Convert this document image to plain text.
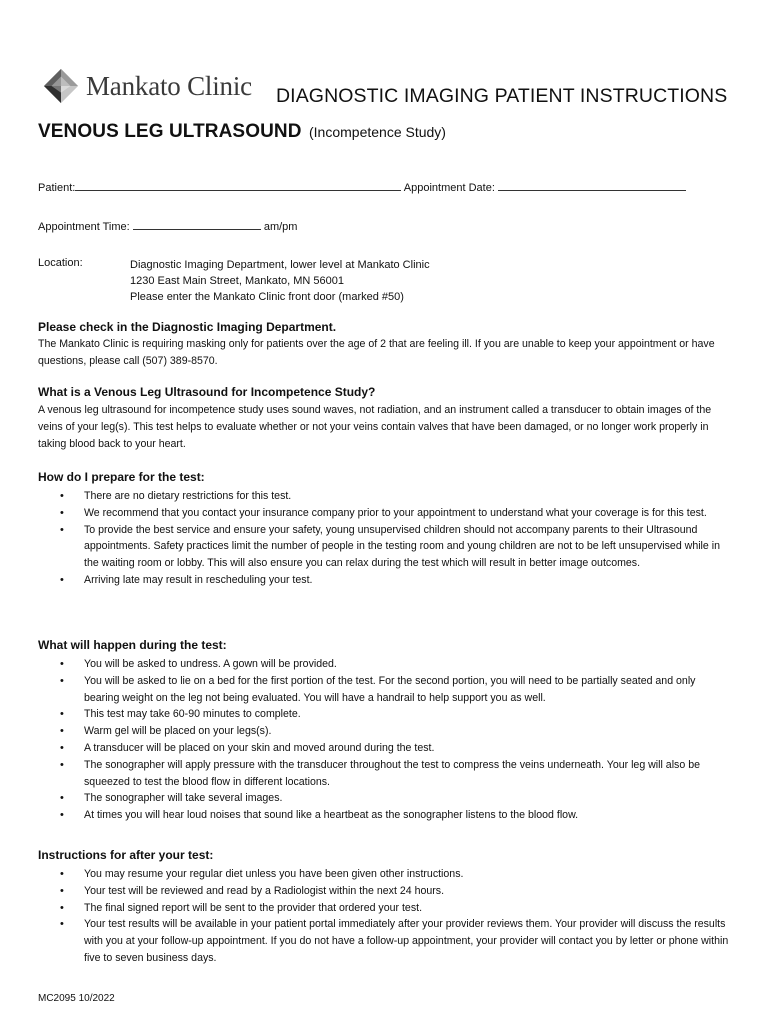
Mankato Clinic DIAGNOSTIC IMAGING PATIENT INSTRUCTIONS
VENOUS LEG ULTRASOUND (Incompetence Study)
Patient:	Appointment Date:
Appointment Time:	am/pm
Location:	Diagnostic Imaging Department, lower level at Mankato Clinic
1230 East Main Street, Mankato, MN 56001
Please enter the Mankato Clinic front door (marked #50)
Please check in the Diagnostic Imaging Department.
The Mankato Clinic is requiring masking only for patients over the age of 2 that are feeling ill. If you are unable to keep your appointment or have questions, please call (507) 389-8570.
What is a Venous Leg Ultrasound for Incompetence Study?
A venous leg ultrasound for incompetence study uses sound waves, not radiation, and an instrument called a transducer to obtain images of the veins of your leg(s). This test helps to evaluate whether or not your veins contain valves that have been damaged, or no longer work properly in taking blood back to your heart.
How do I prepare for the test:
• There are no dietary restrictions for this test.
• We recommend that you contact your insurance company prior to your appointment to understand what your coverage is for this test.
• To provide the best service and ensure your safety, young unsupervised children should not accompany parents to their Ultrasound appointments. Safety practices limit the number of people in the testing room and young children are not to be left unsupervised while in the waiting room or lobby. This will also ensure you can relax during the test which will result in better image outcomes.
• Arriving late may result in rescheduling your test.
What will happen during the test:
• You will be asked to undress. A gown will be provided.
• You will be asked to lie on a bed for the first portion of the test. For the second portion, you will need to be partially seated and only bearing weight on the leg not being evaluated. You will have a handrail to help support you as well.
• This test may take 60-90 minutes to complete.
• Warm gel will be placed on your legs(s).
• A transducer will be placed on your skin and moved around during the test.
• The sonographer will apply pressure with the transducer throughout the test to compress the veins underneath. Your leg will also be squeezed to test the blood flow in different locations.
• The sonographer will take several images.
• At times you will hear loud noises that sound like a heartbeat as the sonographer listens to the blood flow.
Instructions for after your test:
• You may resume your regular diet unless you have been given other instructions.
• Your test will be reviewed and read by a Radiologist within the next 24 hours.
• The final signed report will be sent to the provider that ordered your test.
• Your test results will be available in your patient portal immediately after your provider reviews them. Your provider will discuss the results with you at your follow-up appointment. If you do not have a follow-up appointment, your provider will contact you by letter or phone within five to seven business days.
MC2095 10/2022
